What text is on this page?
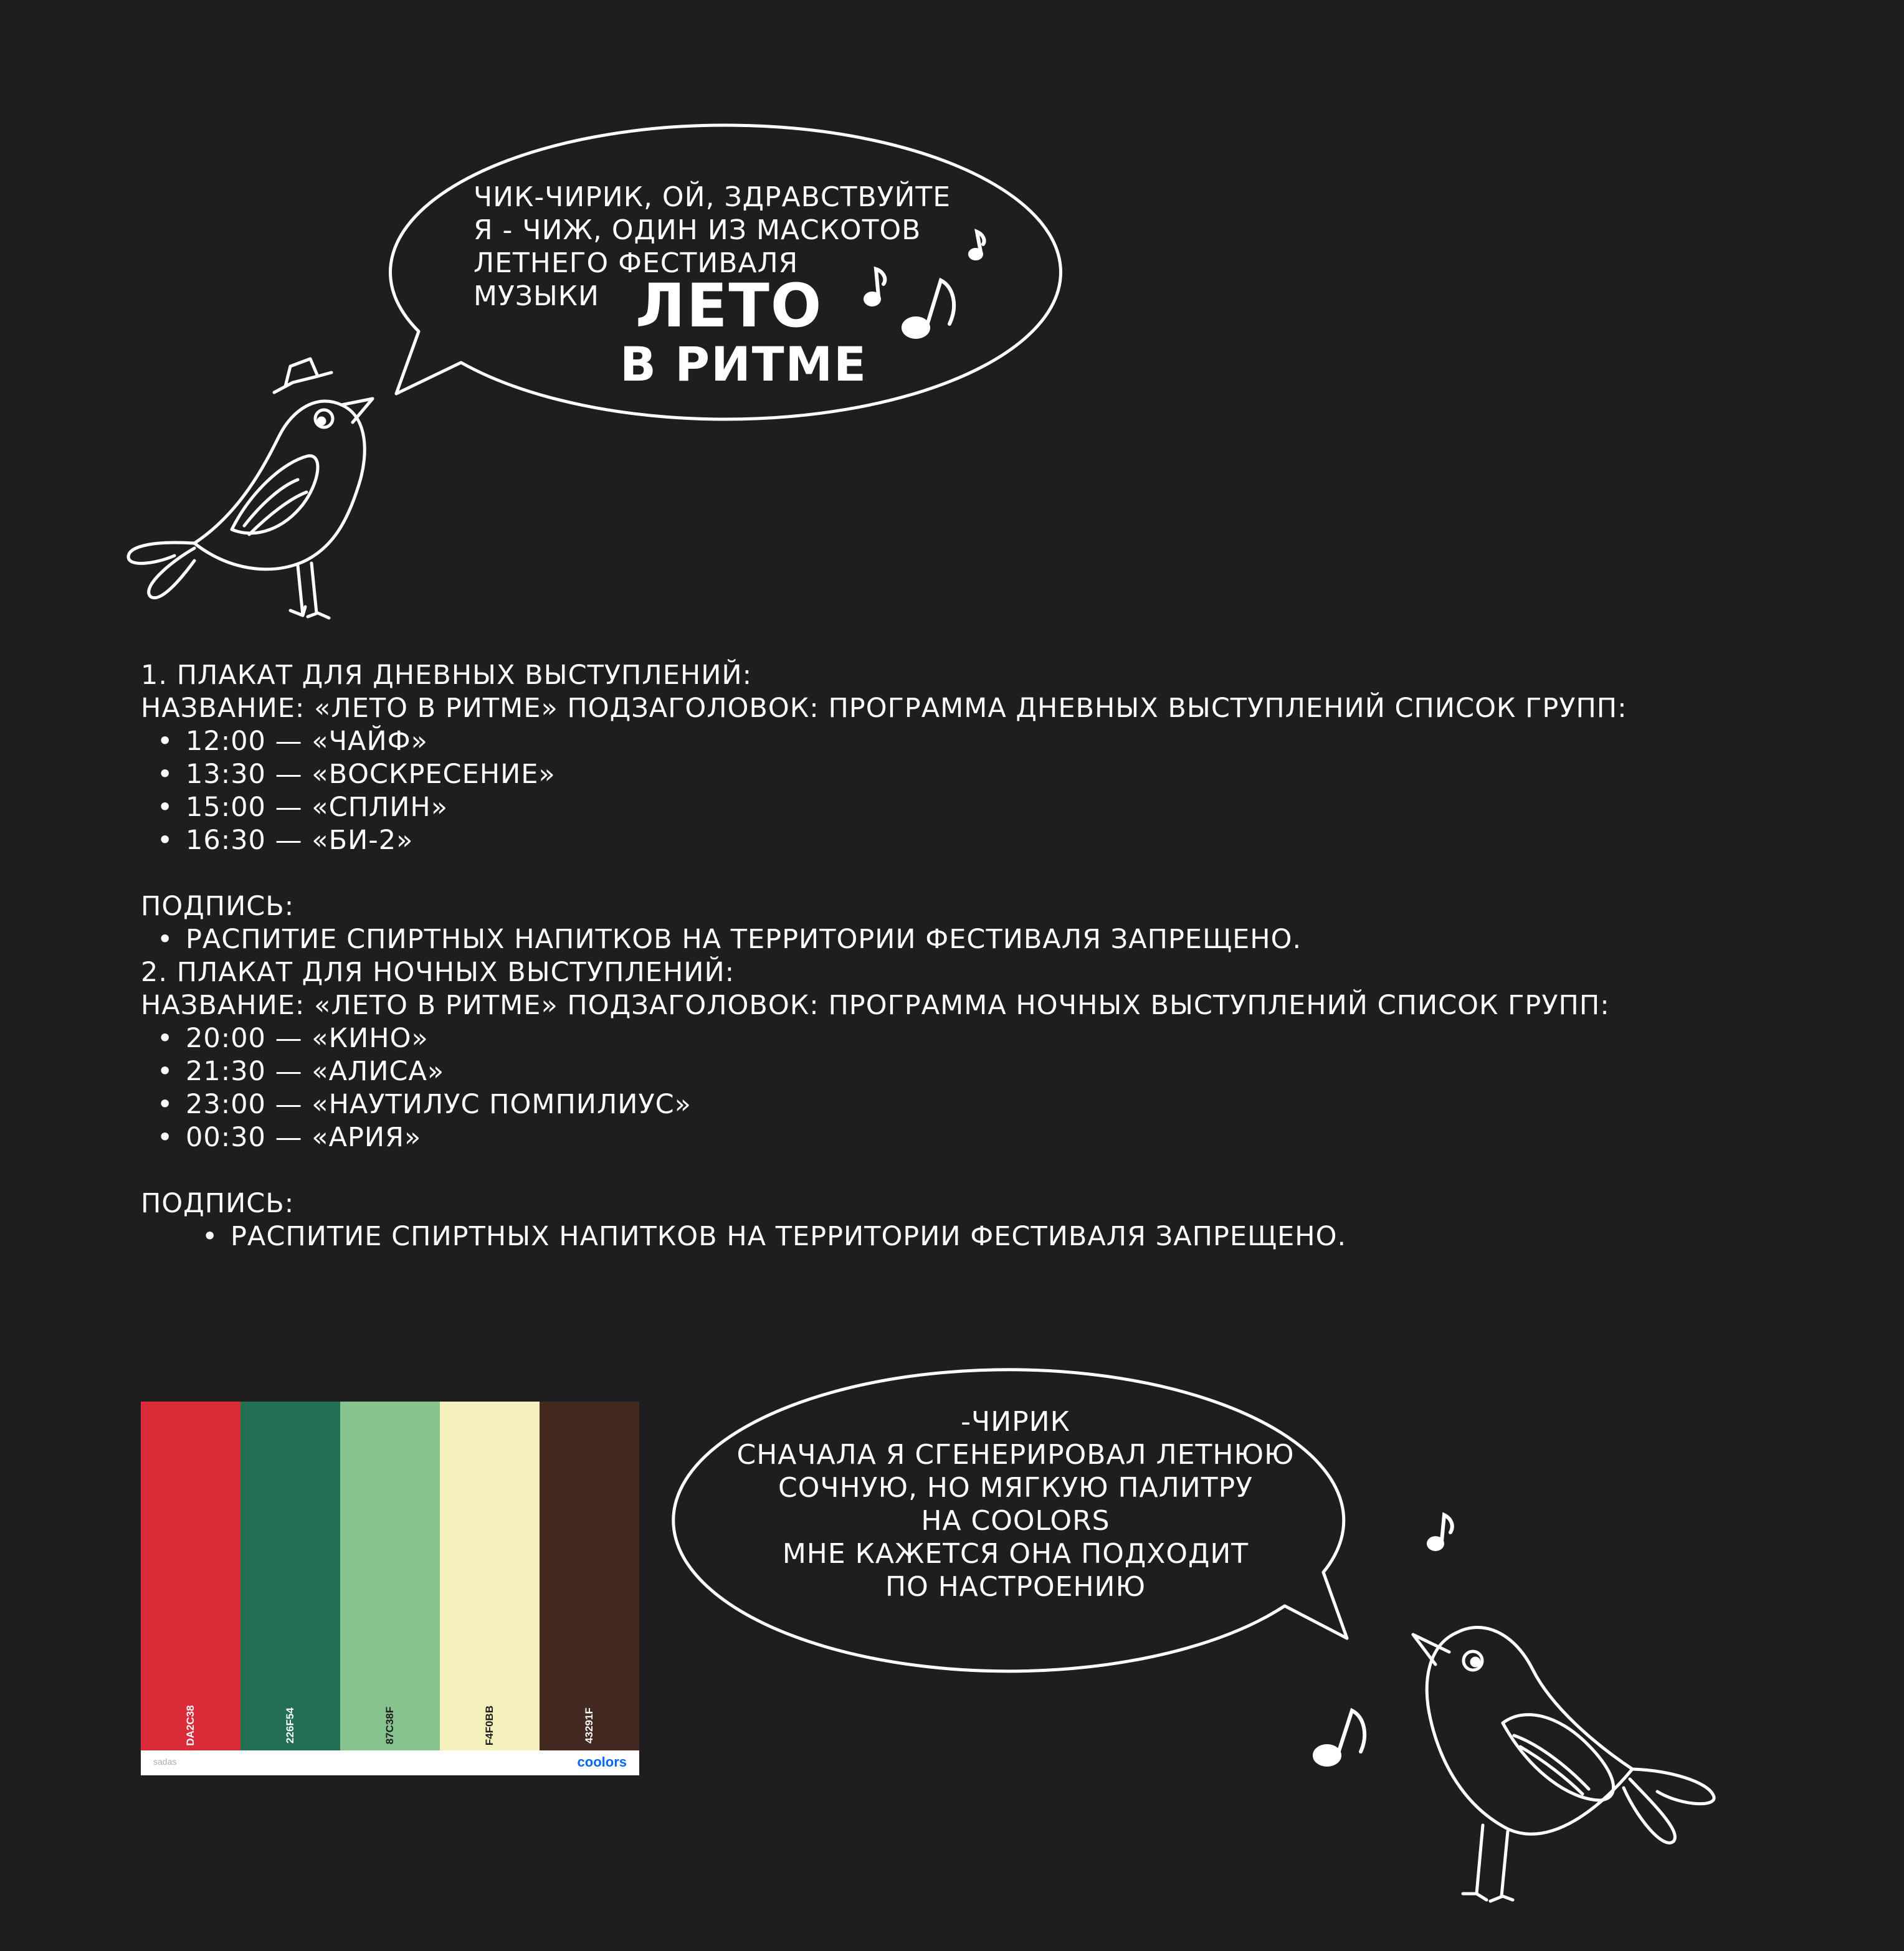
ЧИК-ЧИРИК, ОЙ, ЗДРАВСТВУЙТЕ
Я - ЧИЖ, ОДИН ИЗ МАСКОТОВ
ЛЕТНЕГО ФЕСТИВАЛЯ
МУЗЫКИ ЛЕТО
В РИТМЕ

1. ПЛАКАТ ДЛЯ ДНЕВНЫХ ВЫСТУПЛЕНИЙ:

НАЗВАНИЕ: «ЛЕТО В РИТМЕ» ПОДЗАГОЛОВОК: ПРОГРАММА ДНЕВНЫХ ВЫСТУПЛЕНИЙ СПИСОК ГРУПП:

• 12:00 — «ЧАЙФ»
• 13:30 — «ВОСКРЕСЕНИЕ»
• 15:00 — «СПЛИН»
• 16:30 — «БИ-2»

ПОДПИСЬ:

• РАСПИТИЕ СПИРТНЫХ НАПИТКОВ НА ТЕРРИТОРИИ ФЕСТИВАЛЯ ЗАПРЕЩЕНО.

2. ПЛАКАТ ДЛЯ НОЧНЫХ ВЫСТУПЛЕНИЙ:

НАЗВАНИЕ: «ЛЕТО В РИТМЕ» ПОДЗАГОЛОВОК: ПРОГРАММА НОЧНЫХ ВЫСТУПЛЕНИЙ СПИСОК ГРУПП:

• 20:00 — «КИНО»
• 21:30 — «АЛИСА»
• 23:00 — «НАУТИЛУС ПОМПИЛИУС»
• 00:30 — «АРИЯ»

ПОДПИСЬ:

• РАСПИТИЕ СПИРТНЫХ НАПИТКОВ НА ТЕРРИТОРИИ ФЕСТИВАЛЯ ЗАПРЕЩЕНО.
DA2C38	226F54	87C38F	F4F0BB	43291F
sadas	coolors
-ЧИРИК
СНАЧАЛА Я СГЕНЕРИРОВАЛ ЛЕТНЮЮ
СОЧНУЮ, НО МЯГКУЮ ПАЛИТРУ
НА COOLORS
МНЕ КАЖЕТСЯ ОНА ПОДХОДИТ
ПО НАСТРОЕНИЮ
